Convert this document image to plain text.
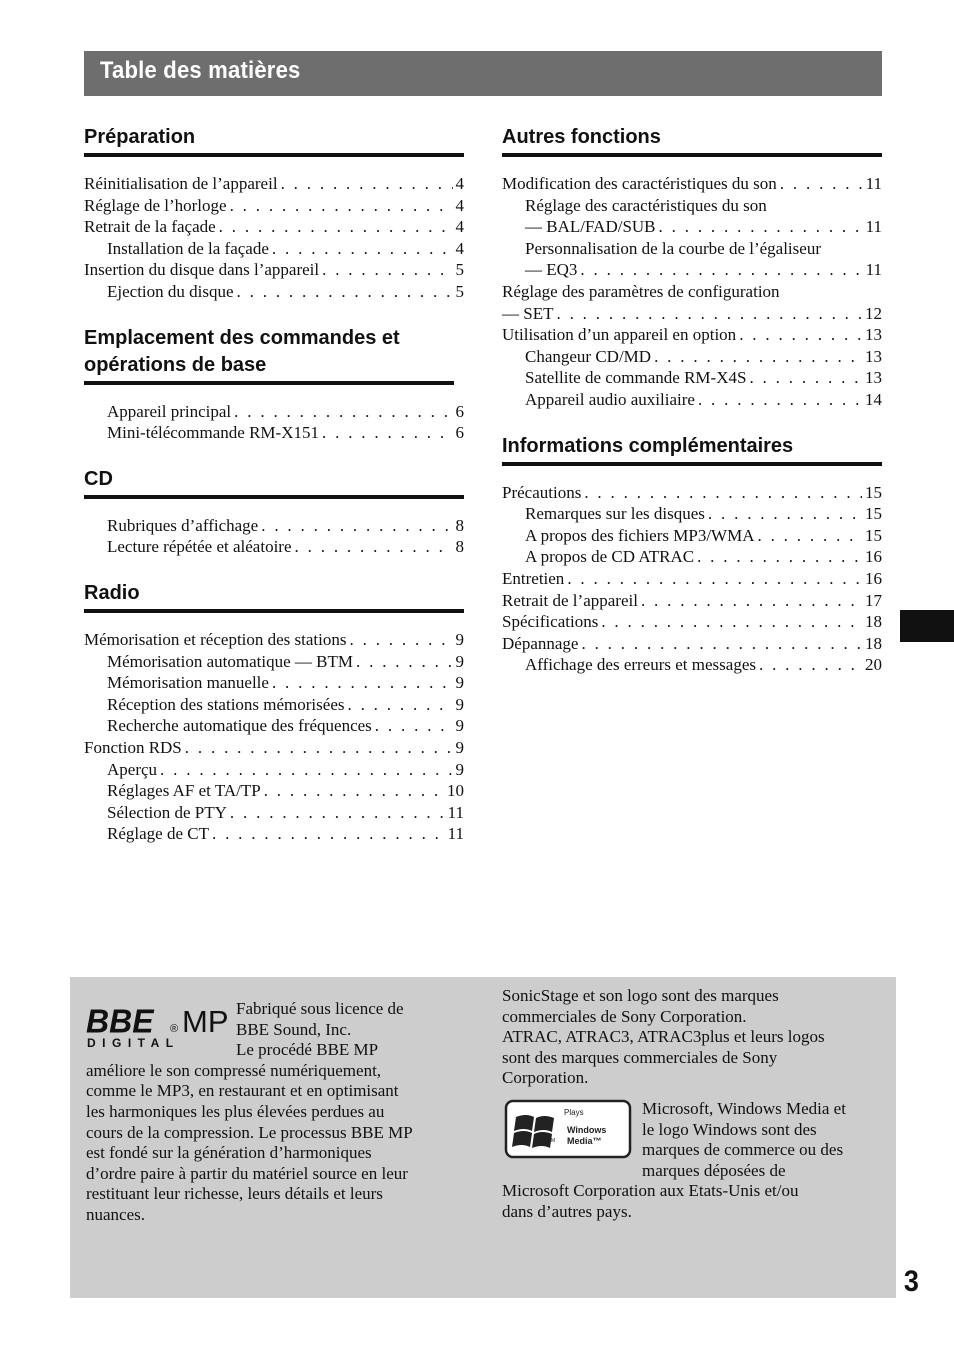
Table des matières
Préparation
Réinitialisation de l’appareil . . .	4
Réglage de l’horloge . . .	4
Retrait de la façade . . .	4
Installation de la façade . . .	4
Insertion du disque dans l’appareil . . .	5
Ejection du disque . . .	5
Emplacement des commandes et opérations de base
Appareil principal . . .	6
Mini-télécommande RM-X151 . . .	6
CD
Rubriques d’affichage . . .	8
Lecture répétée et aléatoire . . .	8
Radio
Mémorisation et réception des stations . . .	9
Mémorisation automatique — BTM . . .	9
Mémorisation manuelle . . .	9
Réception des stations mémorisées . . .	9
Recherche automatique des fréquences . . .	9
Fonction RDS . . .	9
Aperçu . . .	9
Réglages AF et TA/TP . . .	10
Sélection de PTY . . .	11
Réglage de CT . . .	11
Autres fonctions
Modification des caractéristiques du son . . .	11
Réglage des caractéristiques du son
— BAL/FAD/SUB . . .	11
Personnalisation de la courbe de l’égaliseur
— EQ3 . . .	11
Réglage des paramètres de configuration
— SET . . .	12
Utilisation d’un appareil en option . . .	13
Changeur CD/MD . . .	13
Satellite de commande RM-X4S . . .	13
Appareil audio auxiliaire . . .	14
Informations complémentaires
Précautions . . .	15
Remarques sur les disques . . .	15
A propos des fichiers MP3/WMA . . .	15
A propos de CD ATRAC . . .	16
Entretien . . .	16
Retrait de l’appareil . . .	17
Spécifications . . .	18
Dépannage . . .	18
Affichage des erreurs et messages . . .	20
BBE ® MP
DIGITAL

Fabriqué sous licence de

BBE Sound, Inc.

Le procédé BBE MP

améliore le son compressé numériquement,

comme le MP3, en restaurant et en optimisant

les harmoniques les plus élevées perdues au

cours de la compression. Le processus BBE MP

est fondé sur la génération d’harmoniques

d’ordre paire à partir du matériel source en leur

restituant leur richesse, leurs détails et leurs

nuances.

SonicStage et son logo sont des marques

commerciales de Sony Corporation.

ATRAC, ATRAC3, ATRAC3plus et leurs logos

sont des marques commerciales de Sony

Corporation.

TM
Plays
Windows
Media™

Microsoft, Windows Media et

le logo Windows sont des

marques de commerce ou des

marques déposées de

Microsoft Corporation aux Etats-Unis et/ou

dans d’autres pays.

3
